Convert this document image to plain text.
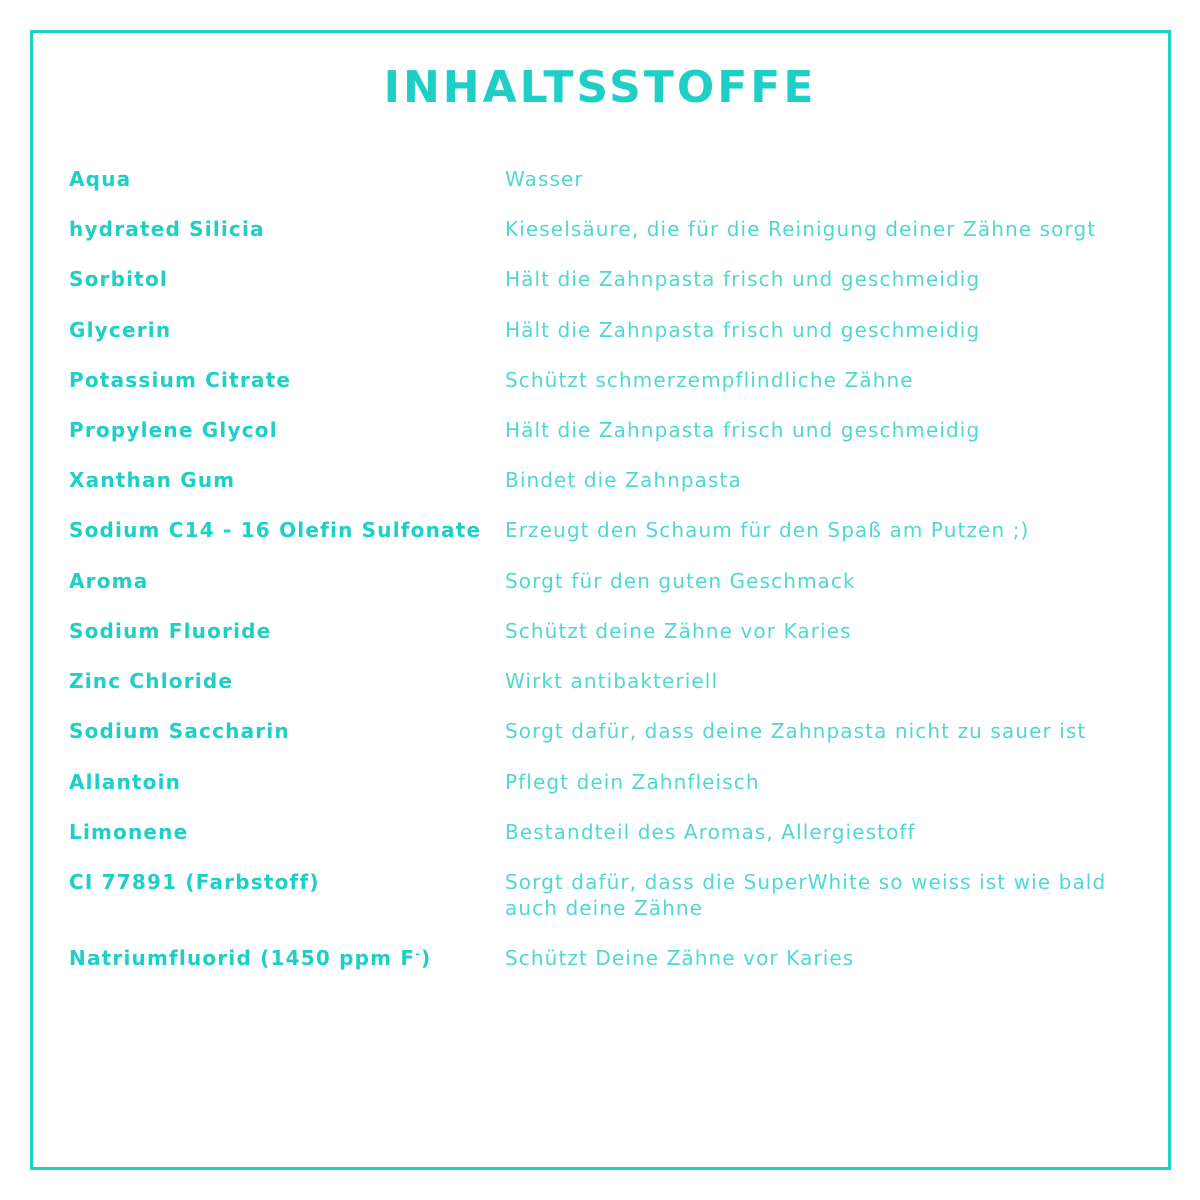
INHALTSSTOFFE
Aqua	Wasser
hydrated Silicia	Kieselsäure, die für die Reinigung deiner Zähne sorgt
Sorbitol	Hält die Zahnpasta frisch und geschmeidig
Glycerin	Hält die Zahnpasta frisch und geschmeidig
Potassium Citrate	Schützt schmerzempflindliche Zähne
Propylene Glycol	Hält die Zahnpasta frisch und geschmeidig
Xanthan Gum	Bindet die Zahnpasta
Sodium C14 - 16 Olefin Sulfonate	Erzeugt den Schaum für den Spaß am Putzen ;)
Aroma	Sorgt für den guten Geschmack
Sodium Fluoride	Schützt deine Zähne vor Karies
Zinc Chloride	Wirkt antibakteriell
Sodium Saccharin	Sorgt dafür, dass deine Zahnpasta nicht zu sauer ist
Allantoin	Pflegt dein Zahnfleisch
Limonene	Bestandteil des Aromas, Allergiestoff
CI 77891 (Farbstoff)	Sorgt dafür, dass die SuperWhite so weiss ist wie bald auch deine Zähne
Natriumfluorid (1450 ppm F-)	Schützt Deine Zähne vor Karies
